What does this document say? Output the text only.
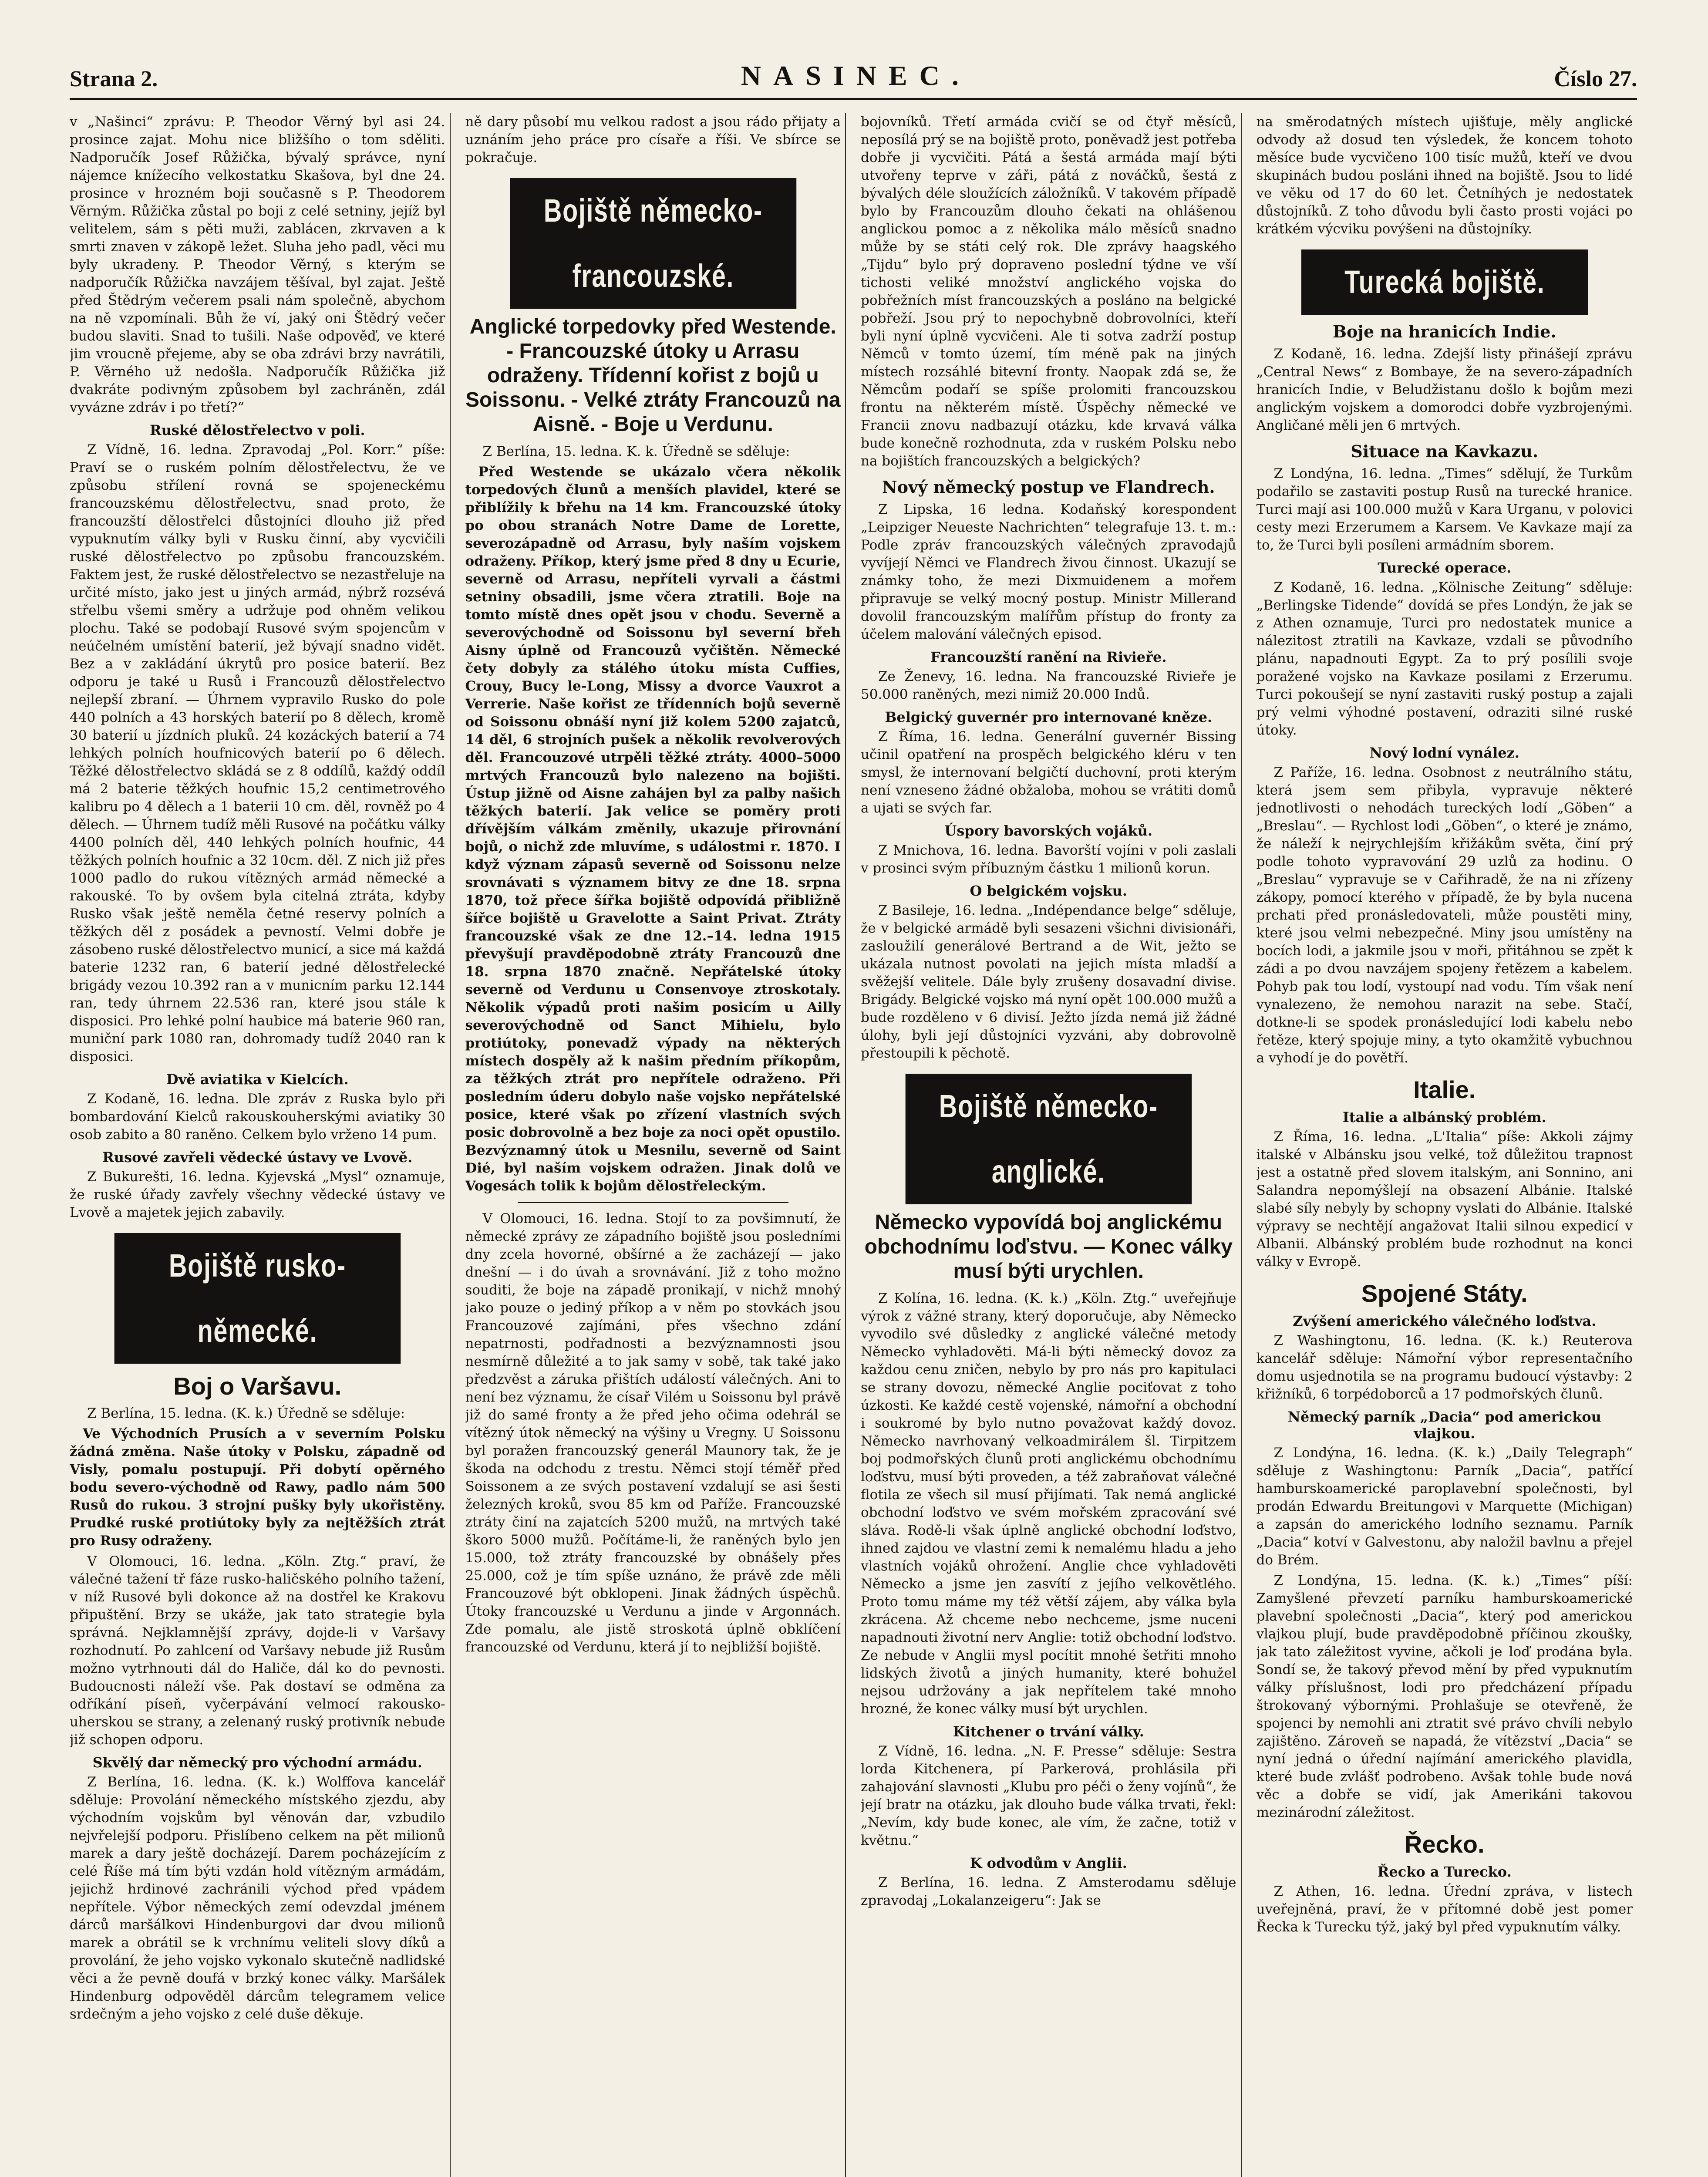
Strana 2.	NASINEC.	Číslo 27.

v „Našinci“ zprávu: P. Theodor Věrný byl asi 24. prosince zajat. Mohu nice bližšího o tom sděliti. Nadporučík Josef Růžička, bývalý správce, nyní nájemce knížecího velkostatku Skašova, byl dne 24. prosince v hrozném boji současně s P. Theodorem Věrným. Růžička zůstal po boji z celé setniny, jejíž byl velitelem, sám s pěti muži, zablácen, zkrvaven a k smrti znaven v zákopě ležet. Sluha jeho padl, věci mu byly ukradeny. P. Theodor Věrný, s kterým se nadporučík Růžička navzájem těšíval, byl zajat. Ještě před Štědrým večerem psali nám společně, abychom na ně vzpomínali. Bůh že ví, jaký oni Štědrý večer budou slaviti. Snad to tušili. Naše odpověď, ve které jim vroucně přejeme, aby se oba zdrávi brzy navrátili, P. Věrného už nedošla. Nadporučík Růžička již dvakráte podivným způsobem byl zachráněn, zdál vyvázne zdráv i po třetí?“

Ruské dělostřelectvo v poli.

Z Vídně, 16. ledna. Zpravodaj „Pol. Korr.“ píše: Praví se o ruském polním dělostřelectvu, že ve způsobu střílení rovná se spojeneckému francouzskému dělostřelectvu, snad proto, že francouzští dělostřelci důstojníci dlouho již před vypuknutím války byli v Rusku činní, aby vycvičili ruské dělostřelectvo po způsobu francouzském. Faktem jest, že ruské dělostřelectvo se nezastřeluje na určité místo, jako jest u jiných armád, nýbrž rozsévá střelbu všemi směry a udržuje pod ohněm velikou plochu. Také se podobají Rusové svým spojencům v neúčelném umístění baterií, jež bývají snadno vidět. Bez a v zakládání úkrytů pro posice baterií. Bez odporu je také u Rusů i Francouzů dělostřelectvo nejlepší zbraní. — Úhrnem vypravilo Rusko do pole 440 polních a 43 horských baterií po 8 dělech, kromě 30 baterií u jízdních pluků. 24 kozáckých baterií a 74 lehkých polních houfnicových baterií po 6 dělech. Těžké dělostřelectvo skládá se z 8 oddílů, každý oddíl má 2 baterie těžkých houfnic 15,2 centimetrového kalibru po 4 dělech a 1 baterii 10 cm. děl, rovněž po 4 dělech. — Úhrnem tudíž měli Rusové na počátku války 4400 polních děl, 440 lehkých polních houfnic, 44 těžkých polních houfnic a 32 10cm. děl. Z nich již přes 1000 padlo do rukou vítězných armád německé a rakouské. To by ovšem byla citelná ztráta, kdyby Rusko však ještě neměla četné reservy polních a těžkých děl z posádek a pevností. Velmi dobře je zásobeno ruské dělostřelectvo municí, a sice má každá baterie 1232 ran, 6 baterií jedné dělostřelecké brigády vezou 10.392 ran a v municním parku 12.144 ran, tedy úhrnem 22.536 ran, které jsou stále k disposici. Pro lehké polní haubice má baterie 960 ran, muniční park 1080 ran, dohromady tudíž 2040 ran k disposici.

Dvě aviatika v Kielcích.

Z Kodaně, 16. ledna. Dle zpráv z Ruska bylo při bombardování Kielců rakouskouherskými aviatiky 30 osob zabito a 80 raněno. Celkem bylo vrženo 14 pum.

Rusové zavřeli vědecké ústavy ve Lvově.

Z Bukurešti, 16. ledna. Kyjevská „Mysl“ oznamuje, že ruské úřady zavřely všechny vědecké ústavy ve Lvově a majetek jejich zabavily.

Bojiště rusko-německé.
Boj o Varšavu.

Z Berlína, 15. ledna. (K. k.) Úředně se sděluje:

Ve Východních Prusích a v severním Polsku žádná změna. Naše útoky v Polsku, západně od Visly, pomalu postupují. Při dobytí opěrného bodu severo-východně od Rawy, padlo nám 500 Rusů do rukou. 3 strojní pušky byly ukořistěny. Prudké ruské protiútoky byly za nejtěžších ztrát pro Rusy odraženy.

V Olomouci, 16. ledna. „Köln. Ztg.“ praví, že válečné tažení tř fáze rusko-haličského polního tažení, v níž Rusové byli dokonce až na dostřel ke Krakovu připuštění. Brzy se ukáže, jak tato strategie byla správná. Nejklamnější zprávy, dojde-li v Varšavy rozhodnutí. Po zahlcení od Varšavy nebude již Rusům možno vytrhnouti dál do Haliče, dál ko do pevnosti. Budoucnosti náleží vše. Pak dostaví se odměna za odříkání píseň, vyčerpávání velmocí rakousko-uherskou se strany, a zelenaný ruský protivník nebude již schopen odporu.

Skvělý dar německý pro východní armádu.

Z Berlína, 16. ledna. (K. k.) Wolffova kancelář sděluje: Provolání německého místského zjezdu, aby východním vojskům byl věnován dar, vzbudilo nejvřelejší podporu. Přislíbeno celkem na pět milionů marek a dary ještě docházejí. Darem pocházejícím z celé Říše má tím býti vzdán hold vítězným armádám, jejichž hrdinové zachránili východ před vpádem nepřítele. Výbor německých zemí odevzdal jménem dárců maršálkovi Hindenburgovi dar dvou milionů marek a obrátil se k vrchnímu veliteli slovy díků a provolání, že jeho vojsko vykonalo skutečně nadlidské věci a že pevně doufá v brzký konec války. Maršálek Hindenburg odpověděl dárcům telegramem velice srdečným a jeho vojsko z celé duše děkuje.

ně dary působí mu velkou radost a jsou rádo přijaty a uznáním jeho práce pro císaře a říši. Ve sbírce se pokračuje.

Bojiště německo-francouzské.
Anglické torpedovky před Westende. - Francouzské útoky u Arrasu odraženy. Třídenní kořist z bojů u Soissonu. - Velké ztráty Francouzů na Aisně. - Boje u Verdunu.

Z Berlína, 15. ledna. K. k. Úředně se sděluje:

Před Westende se ukázalo včera několik torpedových člunů a menších plavidel, které se přiblížily k břehu na 14 km. Francouzské útoky po obou stranách Notre Dame de Lorette, severozápadně od Arrasu, byly naším vojskem odraženy. Příkop, který jsme před 8 dny u Ecurie, severně od Arrasu, nepříteli vyrvali a částmi setniny obsadili, jsme včera ztratili. Boje na tomto místě dnes opět jsou v chodu. Severně a severovýchodně od Soissonu byl severní břeh Aisny úplně od Francouzů vyčištěn. Německé čety dobyly za stálého útoku místa Cuffies, Crouy, Bucy le-Long, Missy a dvorce Vauxrot a Verrerie. Naše kořist ze třídenních bojů severně od Soissonu obnáší nyní již kolem 5200 zajatců, 14 děl, 6 strojních pušek a několik revolverových děl. Francouzové utrpěli těžké ztráty. 4000–5000 mrtvých Francouzů bylo nalezeno na bojišti. Ústup jižně od Aisne zahájen byl za palby našich těžkých baterií. Jak velice se poměry proti dřívějším válkám změnily, ukazuje přirovnání bojů, o nichž zde mluvíme, s událostmi r. 1870. I když význam zápasů severně od Soissonu nelze srovnávati s významem bitvy ze dne 18. srpna 1870, tož přece šířka bojiště odpovídá přibližně šířce bojiště u Gravelotte a Saint Privat. Ztráty francouzské však ze dne 12.–14. ledna 1915 převyšují pravděpodobně ztráty Francouzů dne 18. srpna 1870 značně. Nepřátelské útoky severně od Verdunu u Consenvoye ztroskotaly. Několik výpadů proti našim posicím u Ailly severovýchodně od Sanct Mihielu, bylo protiútoky, ponevadž výpady na některých místech dospěly až k našim předním příkopům, za těžkých ztrát pro nepřítele odraženo. Při posledním úderu dobylo naše vojsko nepřátelské posice, které však po zřízení vlastních svých posic dobrovolně a bez boje za noci opět opustilo. Bezvýznamný útok u Mesnilu, severně od Saint Dié, byl naším vojskem odražen. Jinak dolů ve Vogesách tolik k bojům dělostřeleckým.

V Olomouci, 16. ledna. Stojí to za povšimnutí, že německé zprávy ze západního bojiště jsou posledními dny zcela hovorné, obšírné a že zacházejí — jako dnešní — i do úvah a srovnávání. Již z toho možno souditi, že boje na západě pronikají, v nichž mnohý jako pouze o jediný příkop a v něm po stovkách jsou Francouzové zajímáni, přes všechno zdání nepatrnosti, podřadnosti a bezvýznamnosti jsou nesmírně důležité a to jak samy v sobě, tak také jako předzvěst a záruka přištích událostí válečných. Ani to není bez významu, že císař Vilém u Soissonu byl právě již do samé fronty a že před jeho očima odehrál se vítězný útok německý na výšiny u Vregny. U Soissonu byl poražen francouzský generál Maunory tak, že je škoda na odchodu z trestu. Němci stojí téměř před Soissonem a ze svých postavení vzdalují se asi šesti železných kroků, svou 85 km od Paříže. Francouzské ztráty činí na zajatcích 5200 mužů, na mrtvých také škoro 5000 mužů. Počítáme-li, že raněných bylo jen 15.000, tož ztráty francouzské by obnášely přes 25.000, což je tím spíše uznáno, že právě zde měli Francouzové být obklopeni. Jinak žádných úspěchů. Útoky francouzské u Verdunu a jinde v Argonnách. Zde pomalu, ale jistě stroskotá úplně obklíčení francouzské od Verdunu, která jí to nejbližší bojiště.

bojovníků. Třetí armáda cvičí se od čtyř měsíců, neposílá prý se na bojiště proto, poněvadž jest potřeba dobře ji vycvičiti. Pátá a šestá armáda mají býti utvořeny teprve v záři, pátá z nováčků, šestá z bývalých déle sloužících záložníků. V takovém případě bylo by Francouzům dlouho čekati na ohlášenou anglickou pomoc a z několika málo měsíců snadno může by se státi celý rok. Dle zprávy haagského „Tijdu“ bylo prý dopraveno poslední týdne ve vší tichosti veliké množství anglického vojska do pobřežních míst francouzských a posláno na belgické pobřeží. Jsou prý to nepochybně dobrovolníci, kteří byli nyní úplně vycvičeni. Ale ti sotva zadrží postup Němců v tomto území, tím méně pak na jiných místech rozsáhlé bitevní fronty. Naopak zdá se, že Němcům podaří se spíše prolomiti francouzskou frontu na některém místě. Úspěchy německé ve Francii znovu nadbazují otázku, kde krvavá válka bude konečně rozhodnuta, zda v ruském Polsku nebo na bojištích francouzských a belgických?

Nový německý postup ve Flandrech.

Z Lipska, 16 ledna. Kodaňský korespondent „Leipziger Neueste Nachrichten“ telegrafuje 13. t. m.: Podle zpráv francouzských válečných zpravodajů vyvíjejí Němci ve Flandrech živou činnost. Ukazují se známky toho, že mezi Dixmuidenem a mořem připravuje se velký mocný postup. Ministr Millerand dovolil francouzským malířům přístup do fronty za účelem malování válečných episod.

Francouzští ranění na Rivieře.

Ze Ženevy, 16. ledna. Na francouzské Rivieře je 50.000 raněných, mezi nimiž 20.000 Indů.

Belgický guvernér pro internované kněze.

Z Říma, 16. ledna. Generální guvernér Bissing učinil opatření na prospěch belgického kléru v ten smysl, že internovaní belgičtí duchovní, proti kterým není vzneseno žádné obžaloba, mohou se vrátiti domů a ujati se svých far.

Úspory bavorských vojáků.

Z Mnichova, 16. ledna. Bavorští vojíni v poli zaslali v prosinci svým příbuzným částku 1 milionů korun.

O belgickém vojsku.

Z Basileje, 16. ledna. „Indépendance belge“ sděluje, že v belgické armádě byli sesazeni všichni divisionáři, zasloužilí generálové Bertrand a de Wit, ježto se ukázala nutnost povolati na jejich místa mladší a svěžejší velitele. Dále byly zrušeny dosavadní divise. Brigády. Belgické vojsko má nyní opět 100.000 mužů a bude rozděleno v 6 divisí. Ježto jízda nemá již žádné úlohy, byli její důstojníci vyzváni, aby dobrovolně přestoupili k pěchotě.

Bojiště německo-anglické.
Německo vypovídá boj anglickému obchodnímu loďstvu. — Konec války musí býti urychlen.

Z Kolína, 16. ledna. (K. k.) „Köln. Ztg.“ uveřejňuje výrok z vážné strany, který doporučuje, aby Německo vyvodilo své důsledky z anglické válečné metody Německo vyhladověti. Má-li býti německý dovoz za každou cenu zničen, nebylo by pro nás pro kapitulaci se strany dovozu, německé Anglie pociťovat z toho úzkosti. Ke každé cestě vojenské, námořní a obchodní i soukromé by bylo nutno považovat každý dovoz. Německo navrhovaný velkoadmirálem šl. Tirpitzem boj podmořských člunů proti anglickému obchodnímu loďstvu, musí býti proveden, a též zabraňovat válečné flotila ze všech sil musí přijímati. Tak nemá anglické obchodní loďstvo ve svém mořském zpracování své sláva. Rodě-li však úplně anglické obchodní loďstvo, ihned zajdou ve vlastní zemi k nemalému hladu a jeho vlastních vojáků ohrožení. Anglie chce vyhladověti Německo a jsme jen zasvítí z jejího velkovětlého. Proto tomu máme my též větší zájem, aby válka byla zkrácena. Až chceme nebo nechceme, jsme nuceni napadnouti životní nerv Anglie: totiž obchodní loďstvo. Ze nebude v Anglii mysl pocítit mnohé šetřiti mnoho lidských životů a jiných humanity, které bohužel nejsou udržovány a jak nepřítelem také mnoho hrozné, že konec války musí být urychlen.

Kitchener o trvání války.

Z Vídně, 16. ledna. „N. F. Presse“ sděluje: Sestra lorda Kitchenera, pí Parkerová, prohlásila při zahajování slavnosti „Klubu pro péči o ženy vojínů“, že její bratr na otázku, jak dlouho bude válka trvati, řekl: „Nevím, kdy bude konec, ale vím, že začne, totiž v květnu.“

K odvodům v Anglii.

Z Berlína, 16. ledna. Z Amsterodamu sděluje zpravodaj „Lokalanzeigeru“: Jak se

na směrodatných místech ujišťuje, měly anglické odvody až dosud ten výsledek, že koncem tohoto měsíce bude vycvičeno 100 tisíc mužů, kteří ve dvou skupinách budou posláni ihned na bojiště. Jsou to lidé ve věku od 17 do 60 let. Četníhých je nedostatek důstojníků. Z toho důvodu byli často prosti vojáci po krátkém výcviku povýšeni na důstojníky.

Turecká bojiště.
Boje na hranicích Indie.

Z Kodaně, 16. ledna. Zdejší listy přinášejí zprávu „Central News“ z Bombaye, že na severo-západních hranicích Indie, v Beludžistanu došlo k bojům mezi anglickým vojskem a domorodci dobře vyzbrojenými. Angličané měli jen 6 mrtvých.

Situace na Kavkazu.

Z Londýna, 16. ledna. „Times“ sdělují, že Turkům podařilo se zastaviti postup Rusů na turecké hranice. Turci mají asi 100.000 mužů v Kara Urganu, v polovici cesty mezi Erzerumem a Karsem. Ve Kavkaze mají za to, že Turci byli posíleni armádním sborem.

Turecké operace.

Z Kodaně, 16. ledna. „Kölnische Zeitung“ sděluje: „Berlingske Tidende“ dovídá se přes Londýn, že jak se z Athen oznamuje, Turci pro nedostatek munice a nálezitost ztratili na Kavkaze, vzdali se původního plánu, napadnouti Egypt. Za to prý posílili svoje poražené vojsko na Kavkaze posilami z Erzerumu. Turci pokoušejí se nyní zastaviti ruský postup a zajali prý velmi výhodné postavení, odraziti silné ruské útoky.

Nový lodní vynález.

Z Paříže, 16. ledna. Osobnost z neutrálního státu, která jsem sem přibyla, vypravuje některé jednotlivosti o nehodách tureckých lodí „Göben“ a „Breslau“. — Rychlost lodi „Göben“, o které je známo, že náleží k nejrychlejším křižákům světa, činí prý podle tohoto vypravování 29 uzlů za hodinu. O „Breslau“ vypravuje se v Cařihradě, že na ni zřízeny zákopy, pomocí kterého v případě, že by byla nucena prchati před pronásledovateli, může poustěti miny, které jsou velmi nebezpečné. Miny jsou umístěny na bocích lodi, a jakmile jsou v moři, přitáhnou se zpět k zádi a po dvou navzájem spojeny řetězem a kabelem. Pohyb pak tou lodí, vystoupí nad vodu. Tím však není vynalezeno, že nemohou narazit na sebe. Stačí, dotkne-li se spodek pronásledující lodi kabelu nebo řetěze, který spojuje miny, a tyto okamžitě vybuchnou a vyhodí je do povětří.

Italie.
Italie a albánský problém.

Z Říma, 16. ledna. „L'Italia“ píše: Akkoli zájmy italské v Albánsku jsou velké, tož důležitou trapnost jest a ostatně před slovem italským, ani Sonnino, ani Salandra nepomýšlejí na obsazení Albánie. Italské slabé síly nebyly by schopny vyslati do Albánie. Italské výpravy se nechtějí angažovat Italii silnou expedicí v Albanii. Albánský problém bude rozhodnut na konci války v Evropě.

Spojené Státy.
Zvýšení amerického válečného loďstva.

Z Washingtonu, 16. ledna. (K. k.) Reuterova kancelář sděluje: Námořní výbor representačního domu usjednotila se na programu budoucí výstavby: 2 křižníků, 6 torpédoborců a 17 podmořských člunů.

Německý parník „Dacia“ pod americkou vlajkou.

Z Londýna, 16. ledna. (K. k.) „Daily Telegraph“ sděluje z Washingtonu: Parník „Dacia“, patřící hamburskoamerické paroplavební společnosti, byl prodán Edwardu Breitungovi v Marquette (Michigan) a zapsán do amerického lodního seznamu. Parník „Dacia“ kotví v Galvestonu, aby naložil bavlnu a přejel do Brém.

Z Londýna, 15. ledna. (K. k.) „Times“ píší: Zamyšlené převzetí parníku hamburskoamerické plavební společnosti „Dacia“, který pod americkou vlajkou plují, bude pravděpodobně příčinou zkoušky, jak tato záležitost vyvine, ačkoli je loď prodána byla. Sondí se, že takový převod mění by před vypuknutím války příslušnost, lodi pro předcházení případu štrokovaný výbornými. Prohlašuje se otevřeně, že spojenci by nemohli ani ztratit své právo chvíli nebylo zajištěno. Zároveň se napadá, že vítězství „Dacia“ se nyní jedná o úřední najímání amerického plavidla, které bude zvlášť podrobeno. Avšak tohle bude nová věc a dobře se vidí, jak Amerikáni takovou mezinárodní záležitost.

Řecko.
Řecko a Turecko.

Z Athen, 16. ledna. Úřední zpráva, v listech uveřejněná, praví, že v přítomné době jest pomer Řecka k Turecku týž, jaký byl před vypuknutím války.
